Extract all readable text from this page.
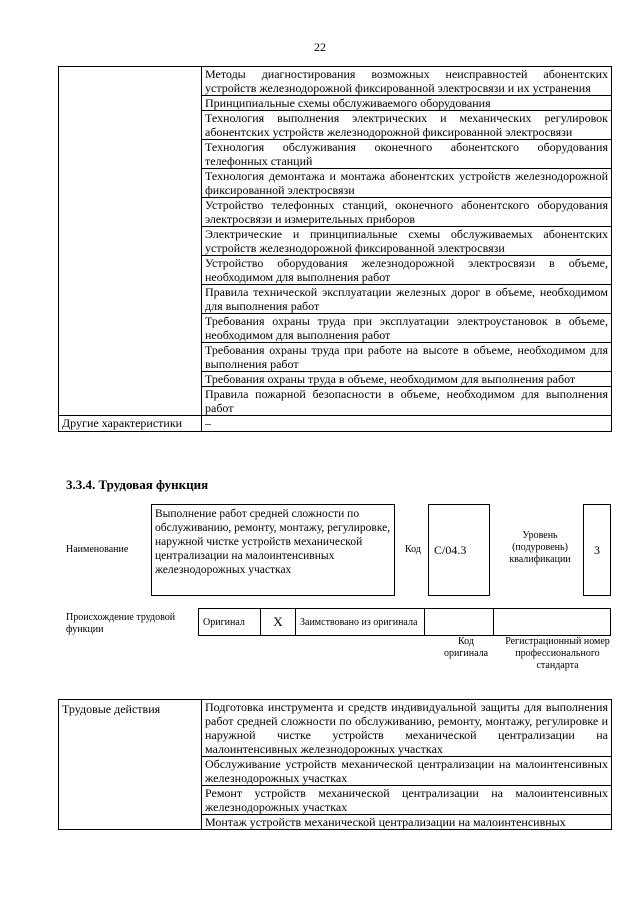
22
	Методы диагностирования возможных неисправностей абонентских устройств железнодорожной фиксированной электросвязи и их устранения
	Принципиальные схемы обслуживаемого оборудования
	Технология выполнения электрических и механических регулировок абонентских устройств железнодорожной фиксированной электросвязи
	Технология обслуживания оконечного абонентского оборудования телефонных станций
	Технология демонтажа и монтажа абонентских устройств железнодорожной фиксированной электросвязи
	Устройство телефонных станций, оконечного абонентского оборудования электросвязи и измерительных приборов
	Электрические и принципиальные схемы обслуживаемых абонентских устройств железнодорожной фиксированной электросвязи
	Устройство оборудования железнодорожной электросвязи в объеме, необходимом для выполнения работ
	Правила технической эксплуатации железных дорог в объеме, необходимом для выполнения работ
	Требования охраны труда при эксплуатации электроустановок в объеме, необходимом для выполнения работ
	Требования охраны труда при работе на высоте в объеме, необходимом для выполнения работ
	Требования охраны труда в объеме, необходимом для выполнения работ
	Правила пожарной безопасности в объеме, необходимом для выполнения работ
Другие характеристики	–
3.3.4. Трудовая функция
Наименование
Выполнение работ средней сложности по обслуживанию, ремонту, монтажу, регулировке, наружной чистке устройств механической централизации на малоинтенсивных железнодорожных участках
Код	C/04.3
Уровень (подуровень) квалификации
3
Происхождение трудовой функции
Оригинал	X	Заимствовано из оригинала		
Код оригинала
Регистрационный номер профессионального стандарта
Трудовые действия	Подготовка инструмента и средств индивидуальной защиты для выполнения работ средней сложности по обслуживанию, ремонту, монтажу, регулировке и наружной чистке устройств механической централизации на малоинтенсивных железнодорожных участках
Обслуживание устройств механической централизации на малоинтенсивных железнодорожных участках
Ремонт устройств механической централизации на малоинтенсивных железнодорожных участках
Монтаж устройств механической централизации на малоинтенсивных
